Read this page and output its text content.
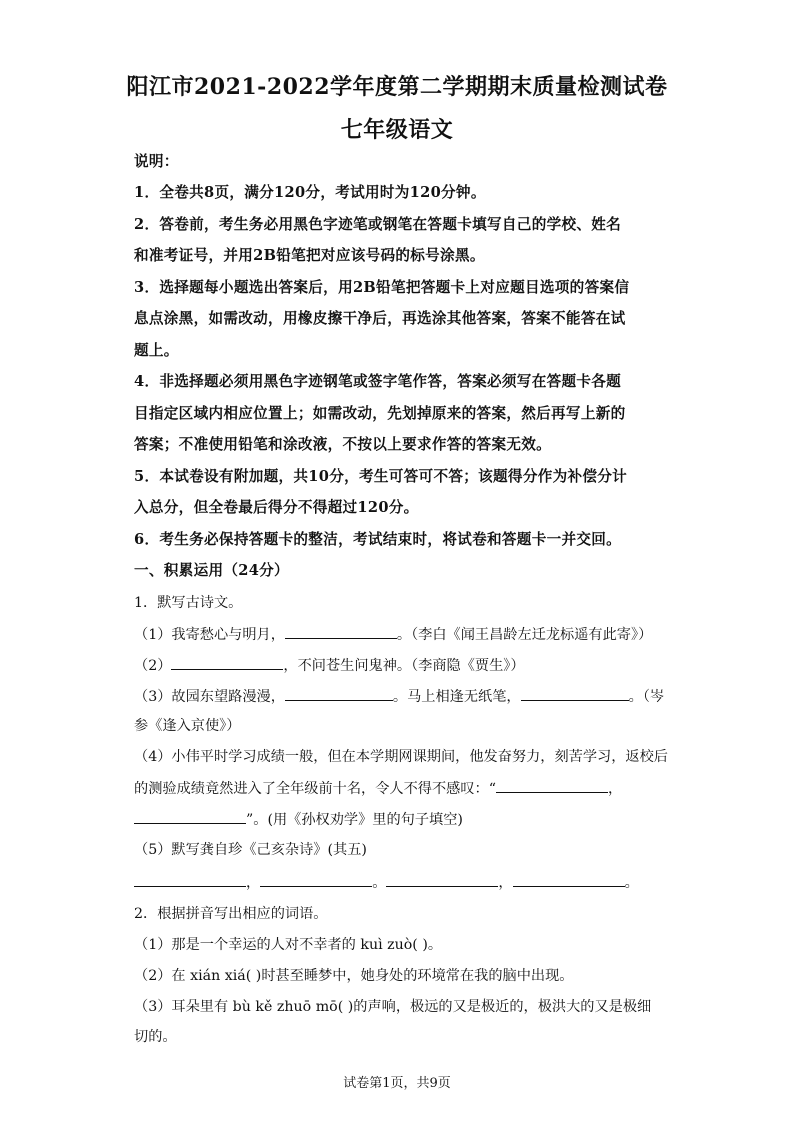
阳江市2021-2022学年度第二学期期末质量检测试卷
七年级语文
说明：
1．全卷共8页，满分120分，考试用时为120分钟。
2．答卷前，考生务必用黑色字迹笔或钢笔在答题卡填写自己的学校、姓名
和准考证号，并用2B铅笔把对应该号码的标号涂黑。
3．选择题每小题选出答案后，用2B铅笔把答题卡上对应题目选项的答案信
息点涂黑，如需改动，用橡皮擦干净后，再选涂其他答案，答案不能答在试
题上。
4．非选择题必须用黑色字迹钢笔或签字笔作答，答案必须写在答题卡各题
目指定区域内相应位置上；如需改动，先划掉原来的答案，然后再写上新的
答案；不准使用铅笔和涂改液，不按以上要求作答的答案无效。
5．本试卷设有附加题，共10分，考生可答可不答；该题得分作为补偿分计
入总分，但全卷最后得分不得超过120分。
6．考生务必保持答题卡的整洁，考试结束时，将试卷和答题卡一并交回。
一、积累运用（24分）
1．默写古诗文。
（1）我寄愁心与明月，	。（李白《闻王昌龄左迁龙标遥有此寄》）
（2）	，不问苍生问鬼神。（李商隐《贾生》）
（3）故园东望路漫漫，	。马上相逢无纸笔，	。（岑
参《逢入京使》）
（4）小伟平时学习成绩一般，但在本学期网课期间，他发奋努力，刻苦学习，返校后
的测验成绩竟然进入了全年级前十名，令人不得不感叹：“	，
”。(用《孙权劝学》里的句子填空)
（5）默写龚自珍《己亥杂诗》(其五)
，	。	，	。
2．根据拼音写出相应的词语。
（1）那是一个幸运的人对不幸者的 kuì zuò( )。
（2）在 xián xiá( )时甚至睡梦中，她身处的环境常在我的脑中出现。
（3）耳朵里有 bù kě zhuō mō( )的声响，极远的又是极近的，极洪大的又是极细
切的。
试卷第1页，共9页
